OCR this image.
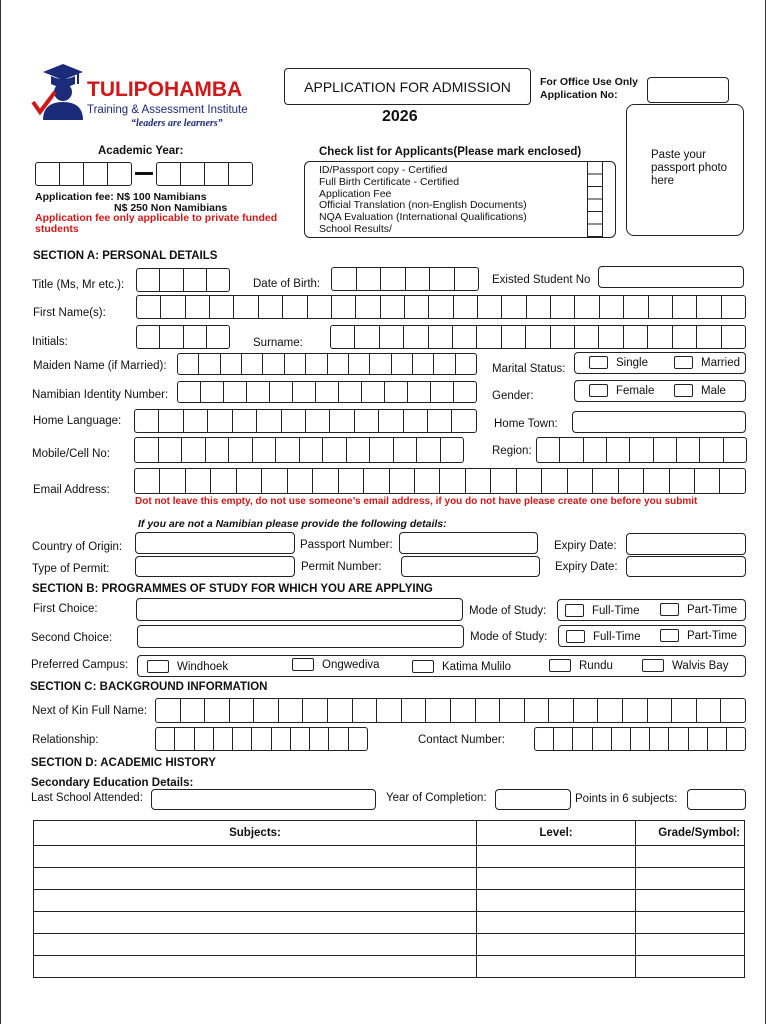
TULIPOHAMBA
Training & Assessment Institute
“leaders are learners”
APPLICATION FOR ADMISSION
2026
For Office Use Only
Application No:
Paste your passport photo here
Academic Year:
Application fee: N$ 100 Namibians
N$ 250 Non Namibians
Application fee only applicable to private funded students
Check list for Applicants(Please mark enclosed)
ID/Passport copy - Certified
Full Birth Certificate - Certified
Application Fee
Official Translation (non-English Documents)
NQA Evaluation (International Qualifications)
School Results/
SECTION A: PERSONAL DETAILS
Title (Ms, Mr etc.):	Date of Birth:	Existed Student No
First Name(s):
Initials:	Surname:
Maiden Name (if Married):	Marital Status:
Single	Married
Namibian Identity Number:	Gender:	Female	Male
Home Language:	Home Town:
Mobile/Cell No:	Region:
Email Address:
Dot not leave this empty, do not use someone’s email address, if you do not have please create one before you submit
If you are not a Namibian please provide the following details:
Country of Origin:	Passport Number:	Expiry Date:
Type of Permit:	Permit Number:	Expiry Date:
SECTION B: PROGRAMMES OF STUDY FOR WHICH YOU ARE APPLYING
First Choice:	Mode of Study:	Full-Time	Part-Time
Second Choice:	Mode of Study:	Full-Time	Part-Time
Preferred Campus:	Windhoek	Ongwediva	Katima Mulilo	Rundu	Walvis Bay
SECTION C: BACKGROUND INFORMATION
Next of Kin Full Name:
Relationship:	Contact Number:
SECTION D: ACADEMIC HISTORY
Secondary Education Details:
Last School Attended:	Year of Completion:	Points in 6 subjects:
Subjects:	Level:	Grade/Symbol:
